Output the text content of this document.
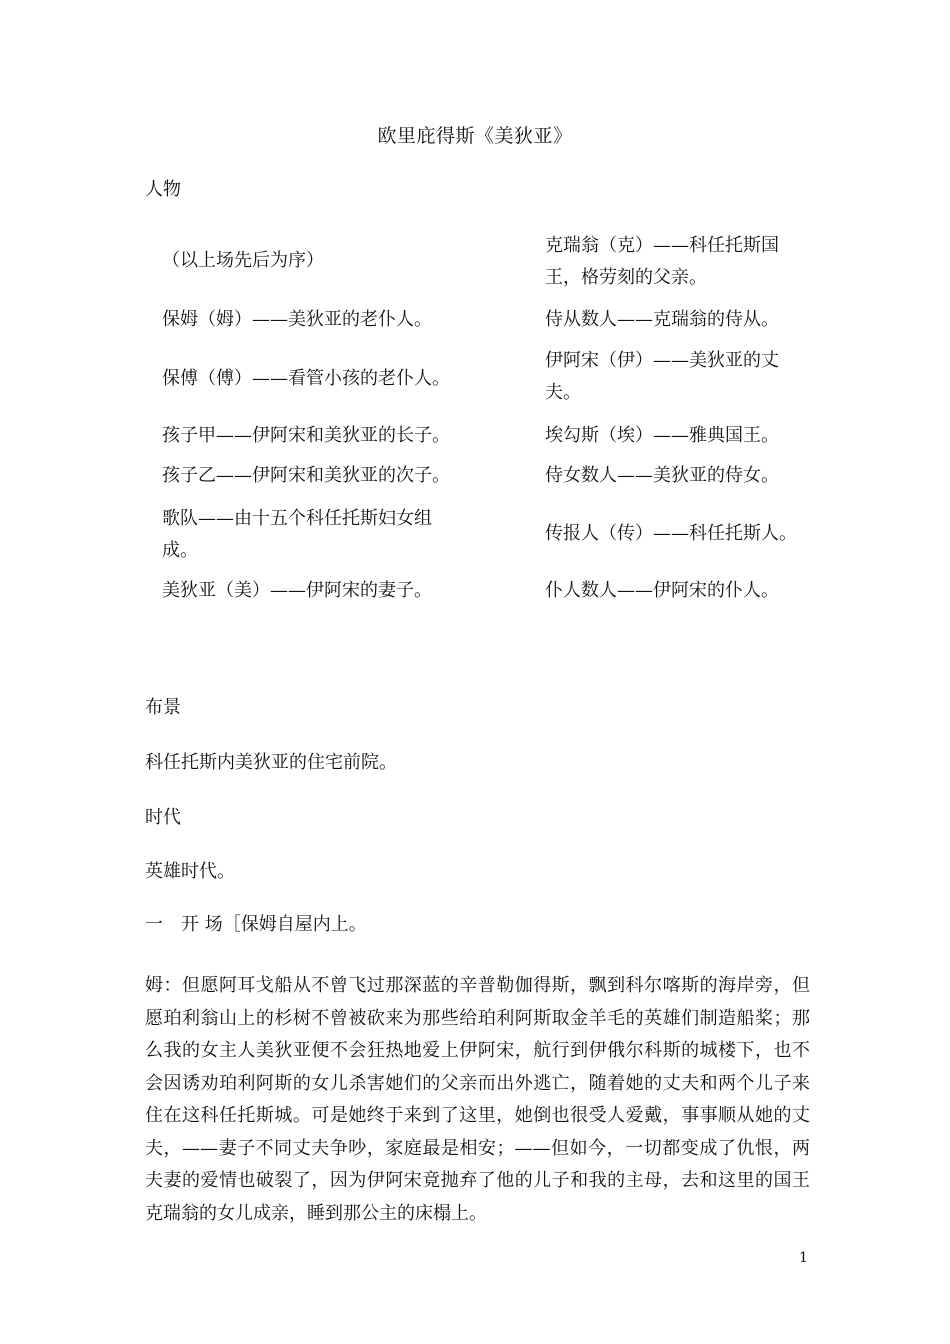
欧里庇得斯《美狄亚》
人物
（以上场先后为序）
保姆（姆）——美狄亚的老仆人。
保傅（傅）——看管小孩的老仆人。
孩子甲——伊阿宋和美狄亚的长子。
孩子乙——伊阿宋和美狄亚的次子。
歌队——由十五个科任托斯妇女组成。
美狄亚（美）——伊阿宋的妻子。
克瑞翁（克）——科任托斯国王，格劳刻的父亲。
侍从数人——克瑞翁的侍从。
伊阿宋（伊）——美狄亚的丈夫。
埃勾斯（埃）——雅典国王。
侍女数人——美狄亚的侍女。
传报人（传）——科任托斯人。
仆人数人——伊阿宋的仆人。
布景
科任托斯内美狄亚的住宅前院。
时代
英雄时代。
一　开 场［保姆自屋内上。
姆：但愿阿耳戈船从不曾飞过那深蓝的辛普勒伽得斯，飘到科尔喀斯的海岸旁，但愿珀利翁山上的杉树不曾被砍来为那些给珀利阿斯取金羊毛的英雄们制造船桨；那么我的女主人美狄亚便不会狂热地爱上伊阿宋，航行到伊俄尔科斯的城楼下，也不会因诱劝珀利阿斯的女儿杀害她们的父亲而出外逃亡，随着她的丈夫和两个儿子来住在这科任托斯城。可是她终于来到了这里，她倒也很受人爱戴，事事顺从她的丈夫，——妻子不同丈夫争吵，家庭最是相安；——但如今，一切都变成了仇恨，两夫妻的爱情也破裂了，因为伊阿宋竟抛弃了他的儿子和我的主母，去和这里的国王克瑞翁的女儿成亲，睡到那公主的床榻上。
1
